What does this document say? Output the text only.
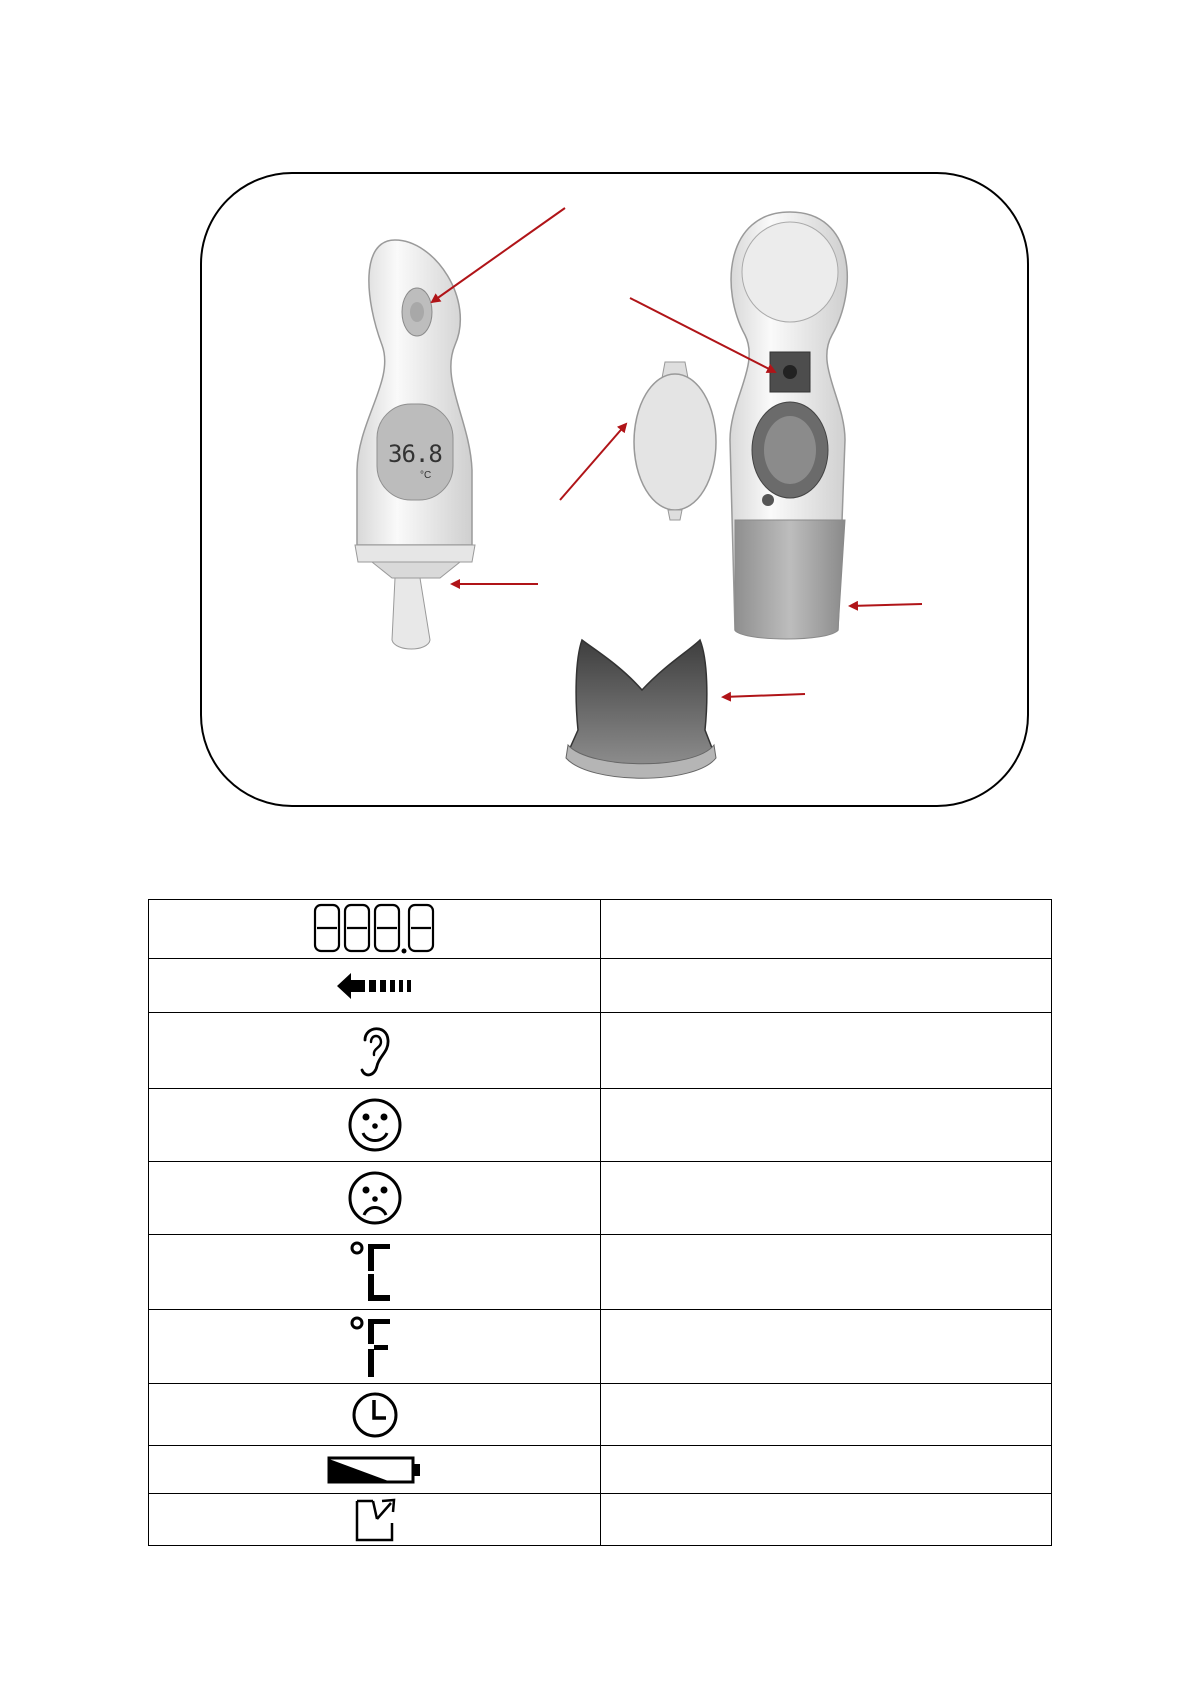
36.8
°C
